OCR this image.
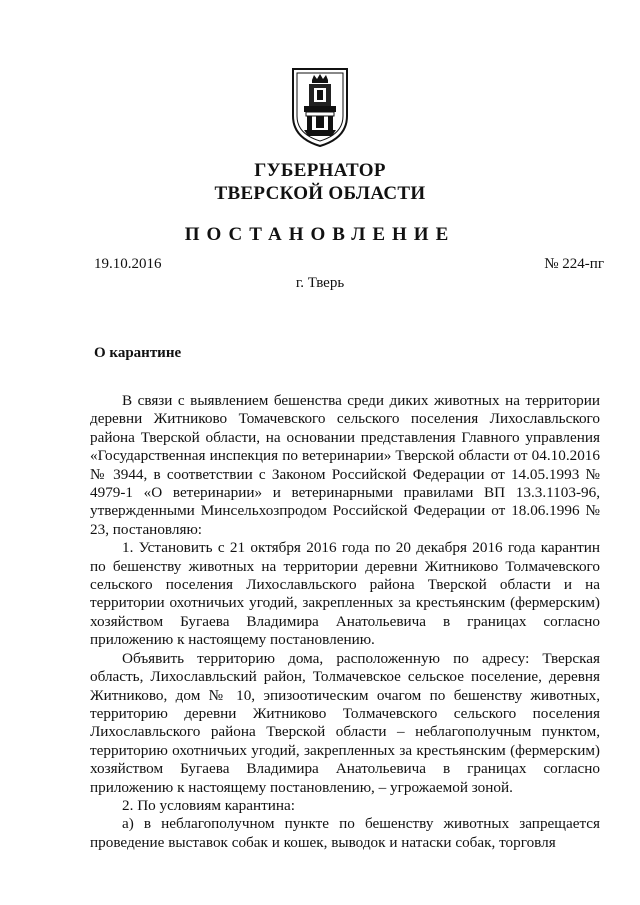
ГУБЕРНАТОР
ТВЕРСКОЙ ОБЛАСТИ
ПОСТАНОВЛЕНИЕ
19.10.2016	№ 224-пг
г. Тверь
О карантине

В связи с выявлением бешенства среди диких животных на территории деревни Житниково Томачевского сельского поселения Лихославльского района Тверской области, на основании представления Главного управления «Государственная инспекция по ветеринарии» Тверской области от 04.10.2016 № 3944, в соответствии с Законом Российской Федерации от 14.05.1993 № 4979-1 «О ветеринарии» и ветеринарными правилами ВП 13.3.1103-96, утвержденными Минсельхозпродом Российской Федерации от 18.06.1996 № 23, постановляю:

1. Установить с 21 октября 2016 года по 20 декабря 2016 года карантин по бешенству животных на территории деревни Житниково Толмачевского сельского поселения Лихославльского района Тверской области и на территории охотничьих угодий, закрепленных за крестьянским (фермерским) хозяйством Бугаева Владимира Анатольевича в границах согласно приложению к настоящему постановлению.

Объявить территорию дома, расположенную по адресу: Тверская область, Лихославльский район, Толмачевское сельское поселение, деревня Житниково, дом № 10, эпизоотическим очагом по бешенству животных, территорию деревни Житниково Толмачевского сельского поселения Лихославльского района Тверской области – неблагополучным пунктом, территорию охотничьих угодий, закрепленных за крестьянским (фермерским) хозяйством Бугаева Владимира Анатольевича в границах согласно приложению к настоящему постановлению, – угрожаемой зоной.

2. По условиям карантина:

а) в неблагополучном пункте по бешенству животных запрещается проведение выставок собак и кошек, выводок и натаски собак, торговля
